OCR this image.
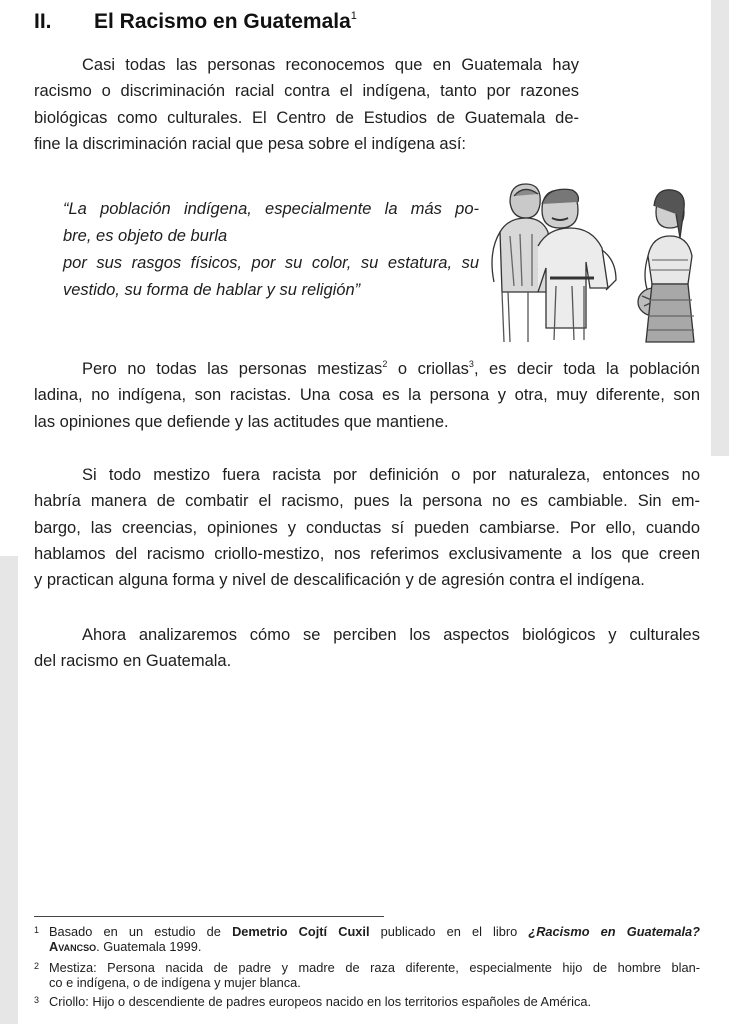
II. El Racismo en Guatemala$^1$

Casi todas las personas reconocemos que en Guatemala hay
racismo o discriminación racial contra el indígena, tanto por razones
biológicas como culturales. El Centro de Estudios de Guatemala de-
fine la discriminación racial que pesa sobre el indígena así:

“La población indígena, especialmente la más po-
bre, es objeto de burla
por sus rasgos físicos, por su color, su estatura, su
vestido, su forma de hablar y su religión”

Pero no todas las personas mestizas$^2$ o criollas$^3$, es decir toda la población
ladina, no indígena, son racistas. Una cosa es la persona y otra, muy diferente, son
las opiniones que defiende y las actitudes que mantiene.

Si todo mestizo fuera racista por definición o por naturaleza, entonces no
habría manera de combatir el racismo, pues la persona no es cambiable. Sin em-
bargo, las creencias, opiniones y conductas sí pueden cambiarse. Por ello, cuando
hablamos del racismo criollo-mestizo, nos referimos exclusivamente a los que creen
y practican alguna forma y nivel de descalificación y de agresión contra el indígena.

Ahora analizaremos cómo se perciben los aspectos biológicos y culturales
del racismo en Guatemala.

1 Basado en un estudio de Demetrio Cojtí Cuxil publicado en el libro ¿Racismo en Guatemala?
Avancso. Guatemala 1999.
2 Mestiza: Persona nacida de padre y madre de raza diferente, especialmente hijo de hombre blan-
co e indígena, o de indígena y mujer blanca.
3 Criollo: Hijo o descendiente de padres europeos nacido en los territorios españoles de América.
